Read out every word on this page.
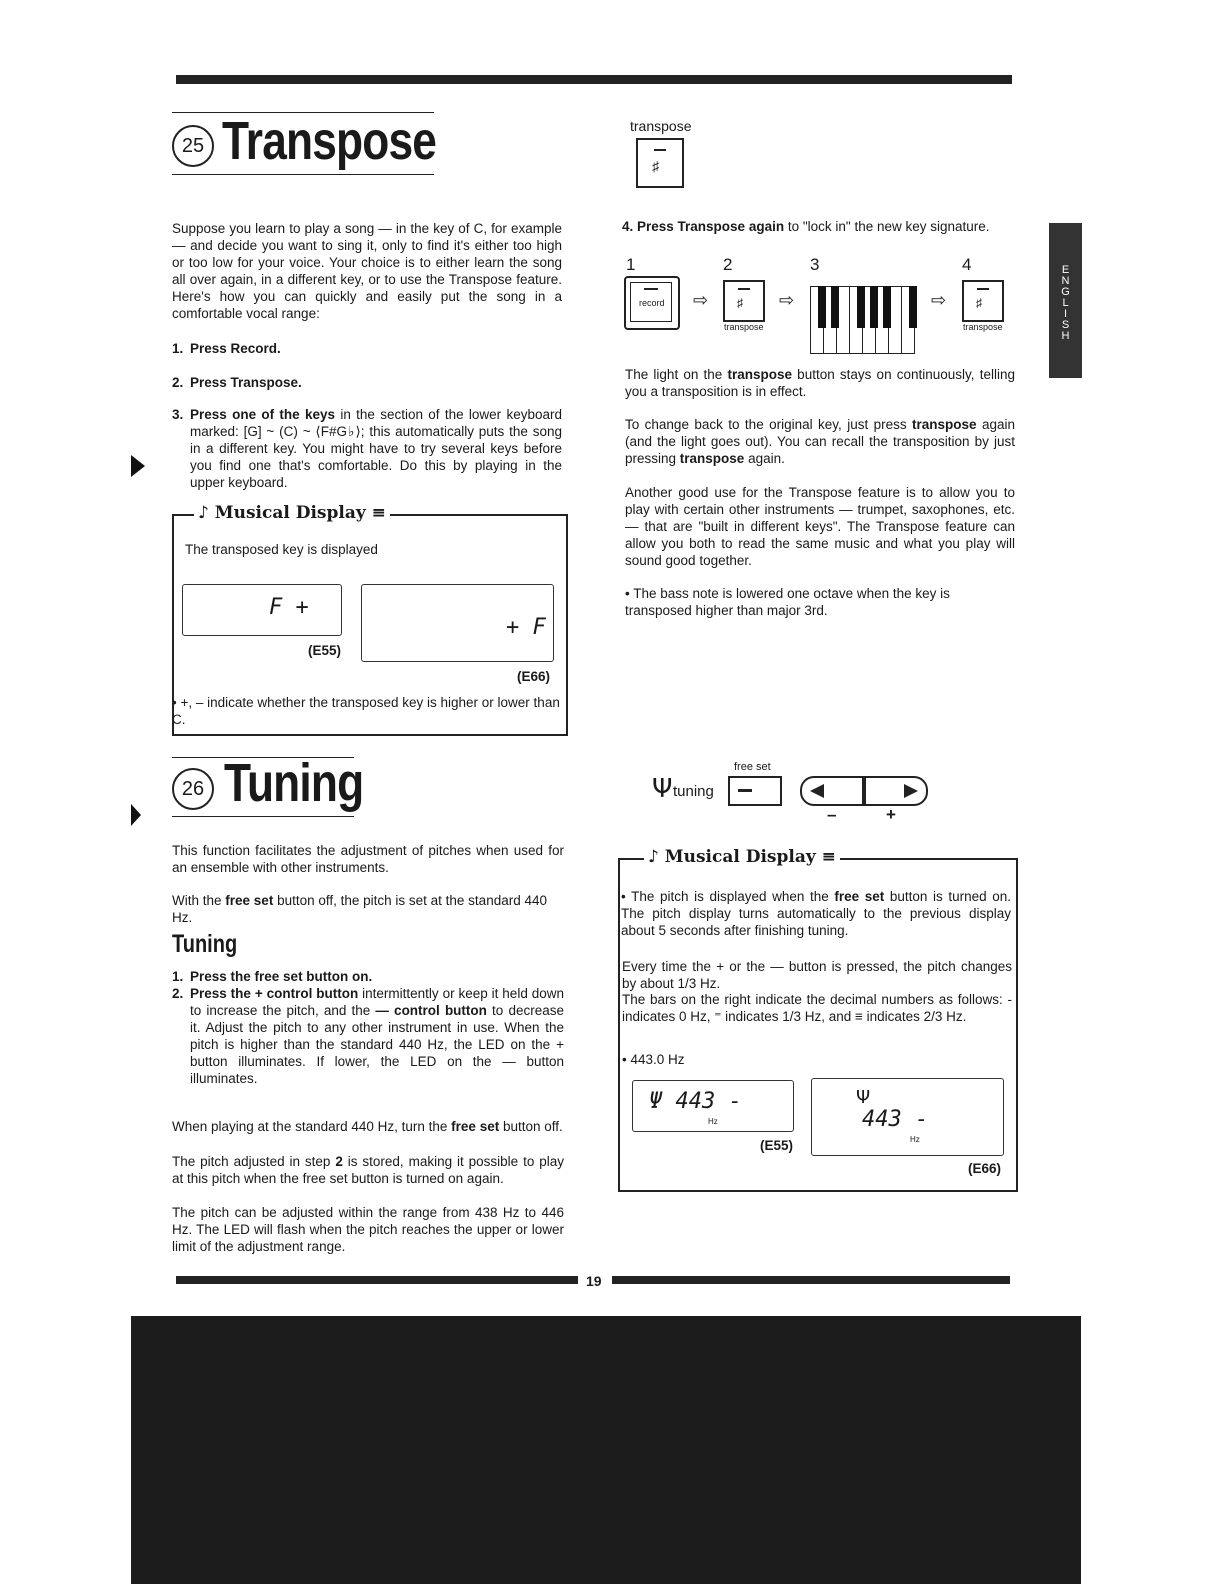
25 Transpose
Suppose you learn to play a song — in the key of C, for example — and decide you want to sing it, only to find it's either too high or too low for your voice. Your choice is to either learn the song all over again, in a different key, or to use the Transpose feature. Here's how you can quickly and easily put the song in a comfortable vocal range:
1. Press Record.
2. Press Transpose.
3. Press one of the keys in the section of the lower keyboard marked: [G] ~ (C) ~ ⟨F#G♭⟩; this automatically puts the song in a different key. You might have to try several keys before you find one that's comfortable. Do this by playing in the upper keyboard.
♪ Musical Display ≡
The transposed key is displayed
F +
(E55)
+ F
(E66)
• +, – indicate whether the transposed key is higher or lower than C.
transpose
♯
4. Press Transpose again to "lock in" the new key signature.
1	2	3	4
record ⇨ ♯
transpose
⇨	⇨ ♯
transpose
The light on the transpose button stays on continuously, telling you a transposition is in effect.
To change back to the original key, just press transpose again (and the light goes out). You can recall the transposition by just pressing transpose again.
Another good use for the Transpose feature is to allow you to play with certain other instruments — trumpet, saxophones, etc. — that are "built in different keys". The Transpose feature can allow you both to read the same music and what you play will sound good together.
• The bass note is lowered one octave when the key is transposed higher than major 3rd.
E
N
G
L
I
S
H
26 Tuning
This function facilitates the adjustment of pitches when used for an ensemble with other instruments.
With the free set button off, the pitch is set at the standard 440 Hz.
Tuning
1. Press the free set button on.
2. Press the + control button intermittently or keep it held down to increase the pitch, and the — control button to decrease it. Adjust the pitch to any other instrument in use. When the pitch is higher than the standard 440 Hz, the LED on the + button illuminates. If lower, the LED on the — button illuminates.
When playing at the standard 440 Hz, turn the free set button off.
The pitch adjusted in step 2 is stored, making it possible to play at this pitch when the free set button is turned on again.
The pitch can be adjusted within the range from 438 Hz to 446 Hz. The LED will flash when the pitch reaches the upper or lower limit of the adjustment range.
Ψ tuning
free set
–	+
♪ Musical Display ≡
• The pitch is displayed when the free set button is turned on. The pitch display turns automatically to the previous display about 5 seconds after finishing tuning.
Every time the + or the — button is pressed, the pitch changes by about 1/3 Hz.
The bars on the right indicate the decimal numbers as follows: - indicates 0 Hz, ⁼ indicates 1/3 Hz, and ≡ indicates 2/3 Hz.
• 443.0 Hz
Ψ 443 -
Hz
(E55)
Ψ
443 -
Hz
(E66)
19
